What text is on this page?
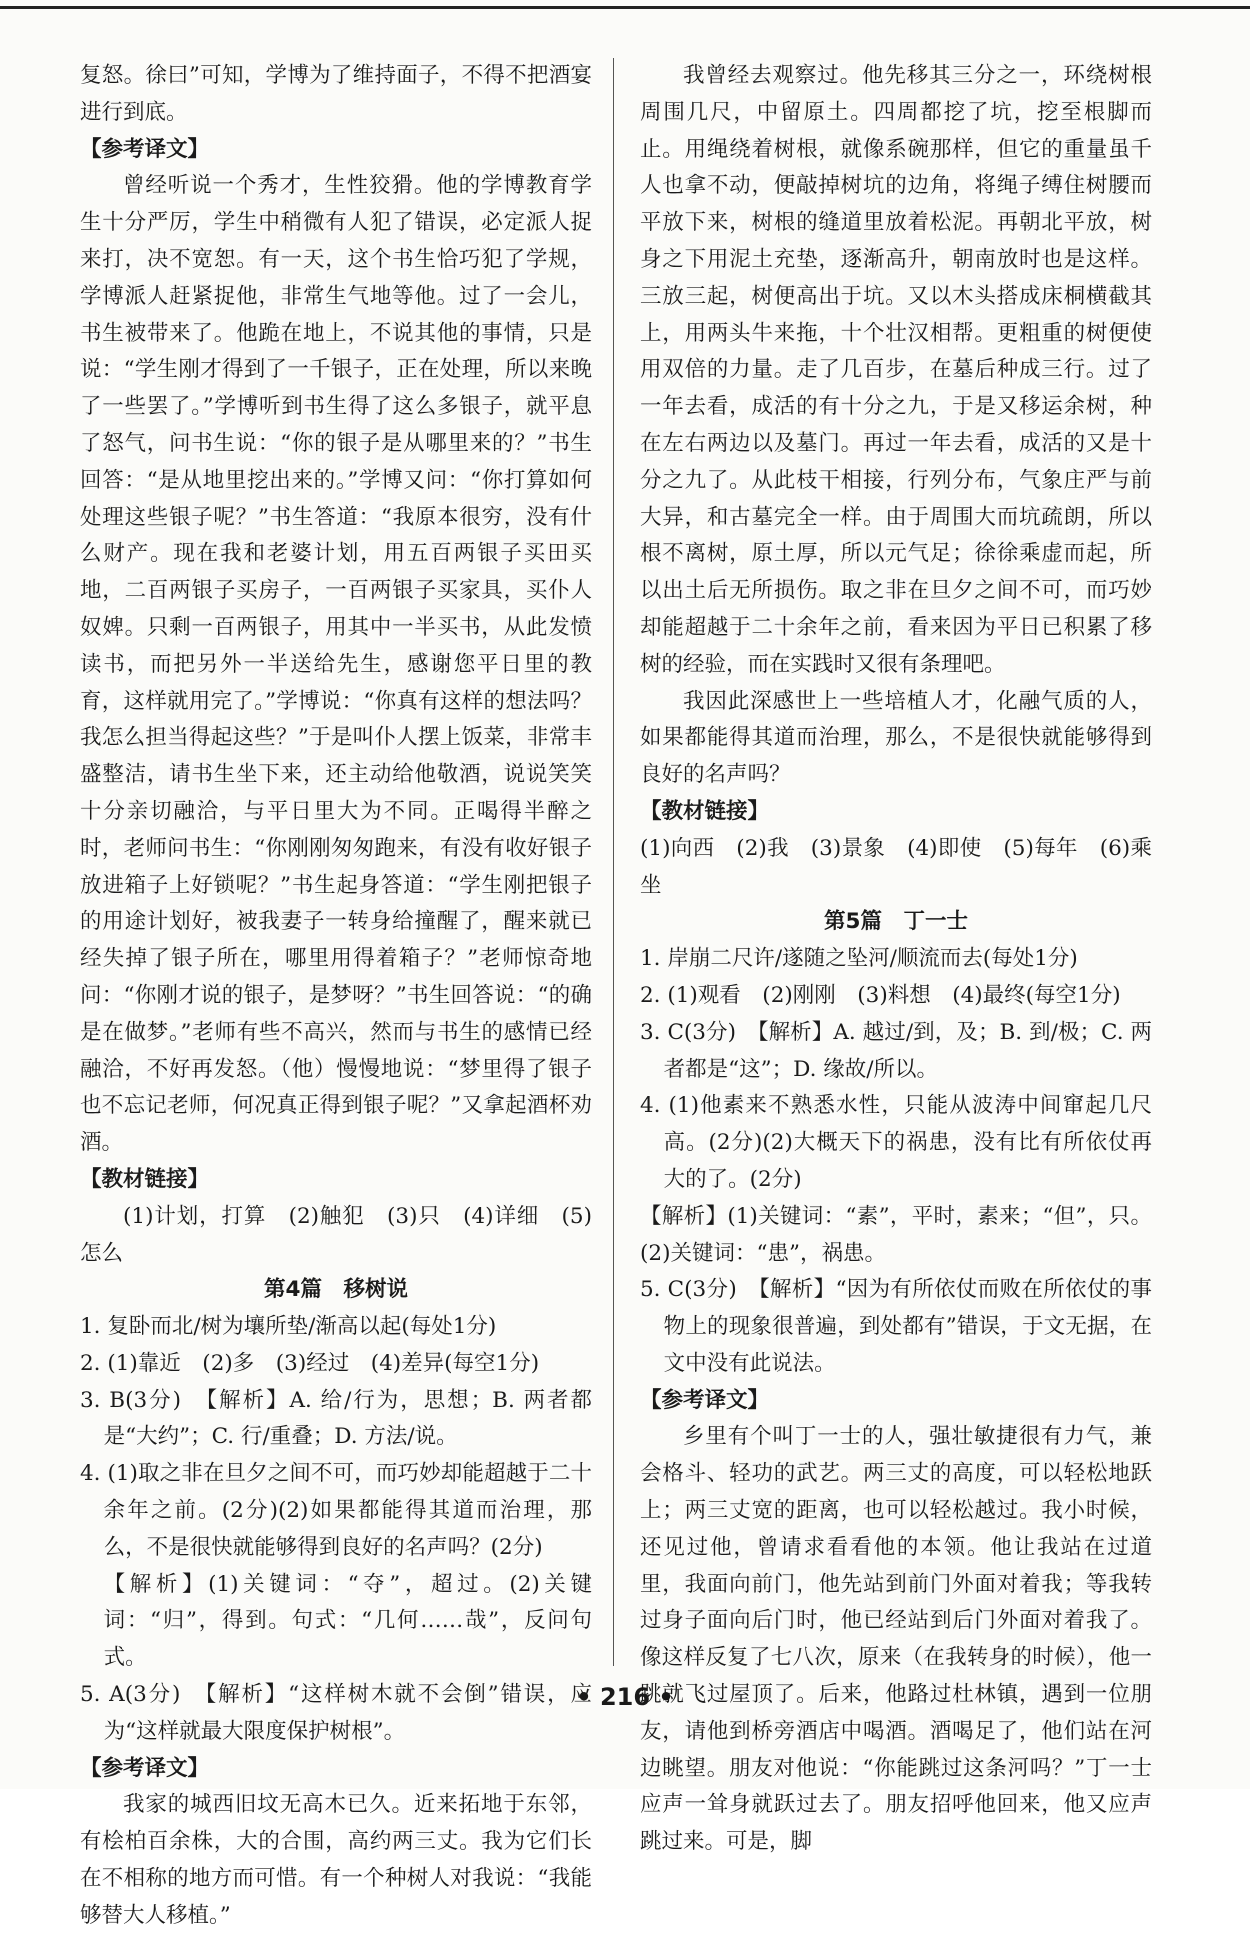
复怒。徐曰”可知，学博为了维持面子，不得不把酒宴进行到底。

【参考译文】

曾经听说一个秀才，生性狡猾。他的学博教育学生十分严厉，学生中稍微有人犯了错误，必定派人捉来打，决不宽恕。有一天，这个书生恰巧犯了学规，学博派人赶紧捉他，非常生气地等他。过了一会儿，书生被带来了。他跪在地上，不说其他的事情，只是说：“学生刚才得到了一千银子，正在处理，所以来晚了一些罢了。”学博听到书生得了这么多银子，就平息了怒气，问书生说：“你的银子是从哪里来的？”书生回答：“是从地里挖出来的。”学博又问：“你打算如何处理这些银子呢？”书生答道：“我原本很穷，没有什么财产。现在我和老婆计划，用五百两银子买田买地，二百两银子买房子，一百两银子买家具，买仆人奴婢。只剩一百两银子，用其中一半买书，从此发愤读书，而把另外一半送给先生，感谢您平日里的教育，这样就用完了。”学博说：“你真有这样的想法吗？我怎么担当得起这些？”于是叫仆人摆上饭菜，非常丰盛整洁，请书生坐下来，还主动给他敬酒，说说笑笑十分亲切融洽，与平日里大为不同。正喝得半醉之时，老师问书生：“你刚刚匆匆跑来，有没有收好银子放进箱子上好锁呢？”书生起身答道：“学生刚把银子的用途计划好，被我妻子一转身给撞醒了，醒来就已经失掉了银子所在，哪里用得着箱子？”老师惊奇地问：“你刚才说的银子，是梦呀？”书生回答说：“的确是在做梦。”老师有些不高兴，然而与书生的感情已经融洽，不好再发怒。（他）慢慢地说：“梦里得了银子也不忘记老师，何况真正得到银子呢？”又拿起酒杯劝酒。

【教材链接】

(1)计划，打算　(2)触犯　(3)只　(4)详细　(5)怎么

第4篇　移树说

1. 复卧而北/树为壤所垫/渐高以起(每处1分)

2. (1)靠近　(2)多　(3)经过　(4)差异(每空1分)

3. B(3分)　【解析】A. 给/行为，思想；B. 两者都是“大约”；C. 行/重叠；D. 方法/说。

4. (1)取之非在旦夕之间不可，而巧妙却能超越于二十余年之前。(2分)(2)如果都能得其道而治理，那么，不是很快就能够得到良好的名声吗？(2分)

【解析】(1)关键词：“夺”，超过。(2)关键词：“归”，得到。句式：“几何……哉”，反问句式。

5. A(3分)　【解析】“这样树木就不会倒”错误，应为“这样就最大限度保护树根”。

【参考译文】

我家的城西旧坟无高木已久。近来拓地于东邻，有桧柏百余株，大的合围，高约两三丈。我为它们长在不相称的地方而可惜。有一个种树人对我说：“我能够替大人移植。”

我曾经去观察过。他先移其三分之一，环绕树根周围几尺，中留原土。四周都挖了坑，挖至根脚而止。用绳绕着树根，就像系碗那样，但它的重量虽千人也拿不动，便敲掉树坑的边角，将绳子缚住树腰而平放下来，树根的缝道里放着松泥。再朝北平放，树身之下用泥土充垫，逐渐高升，朝南放时也是这样。三放三起，树便高出于坑。又以木头搭成床桐横截其上，用两头牛来拖，十个壮汉相帮。更粗重的树便使用双倍的力量。走了几百步，在墓后种成三行。过了一年去看，成活的有十分之九，于是又移运余树，种在左右两边以及墓门。再过一年去看，成活的又是十分之九了。从此枝干相接，行列分布，气象庄严与前大异，和古墓完全一样。由于周围大而坑疏朗，所以根不离树，原土厚，所以元气足；徐徐乘虚而起，所以出土后无所损伤。取之非在旦夕之间不可，而巧妙却能超越于二十余年之前，看来因为平日已积累了移树的经验，而在实践时又很有条理吧。

我因此深感世上一些培植人才，化融气质的人，如果都能得其道而治理，那么，不是很快就能够得到良好的名声吗？

【教材链接】

(1)向西　(2)我　(3)景象　(4)即使　(5)每年　(6)乘坐

第5篇　丁一士

1. 岸崩二尺许/遂随之坠河/顺流而去(每处1分)

2. (1)观看　(2)刚刚　(3)料想　(4)最终(每空1分)

3. C(3分)　【解析】A. 越过/到，及；B. 到/极；C. 两者都是“这”；D. 缘故/所以。

4. (1)他素来不熟悉水性，只能从波涛中间窜起几尺高。(2分)(2)大概天下的祸患，没有比有所依仗再大的了。(2分)

【解析】(1)关键词：“素”，平时，素来；“但”，只。(2)关键词：“患”，祸患。

5. C(3分)　【解析】“因为有所依仗而败在所依仗的事物上的现象很普遍，到处都有”错误，于文无据，在文中没有此说法。

【参考译文】

乡里有个叫丁一士的人，强壮敏捷很有力气，兼会格斗、轻功的武艺。两三丈的高度，可以轻松地跃上；两三丈宽的距离，也可以轻松越过。我小时候，还见过他，曾请求看看他的本领。他让我站在过道里，我面向前门，他先站到前门外面对着我；等我转过身子面向后门时，他已经站到后门外面对着我了。像这样反复了七八次，原来（在我转身的时候），他一跳就飞过屋顶了。后来，他路过杜林镇，遇到一位朋友，请他到桥旁酒店中喝酒。酒喝足了，他们站在河边眺望。朋友对他说：“你能跳过这条河吗？”丁一士应声一耸身就跃过去了。朋友招呼他回来，他又应声跳过来。可是，脚

• 216 •
